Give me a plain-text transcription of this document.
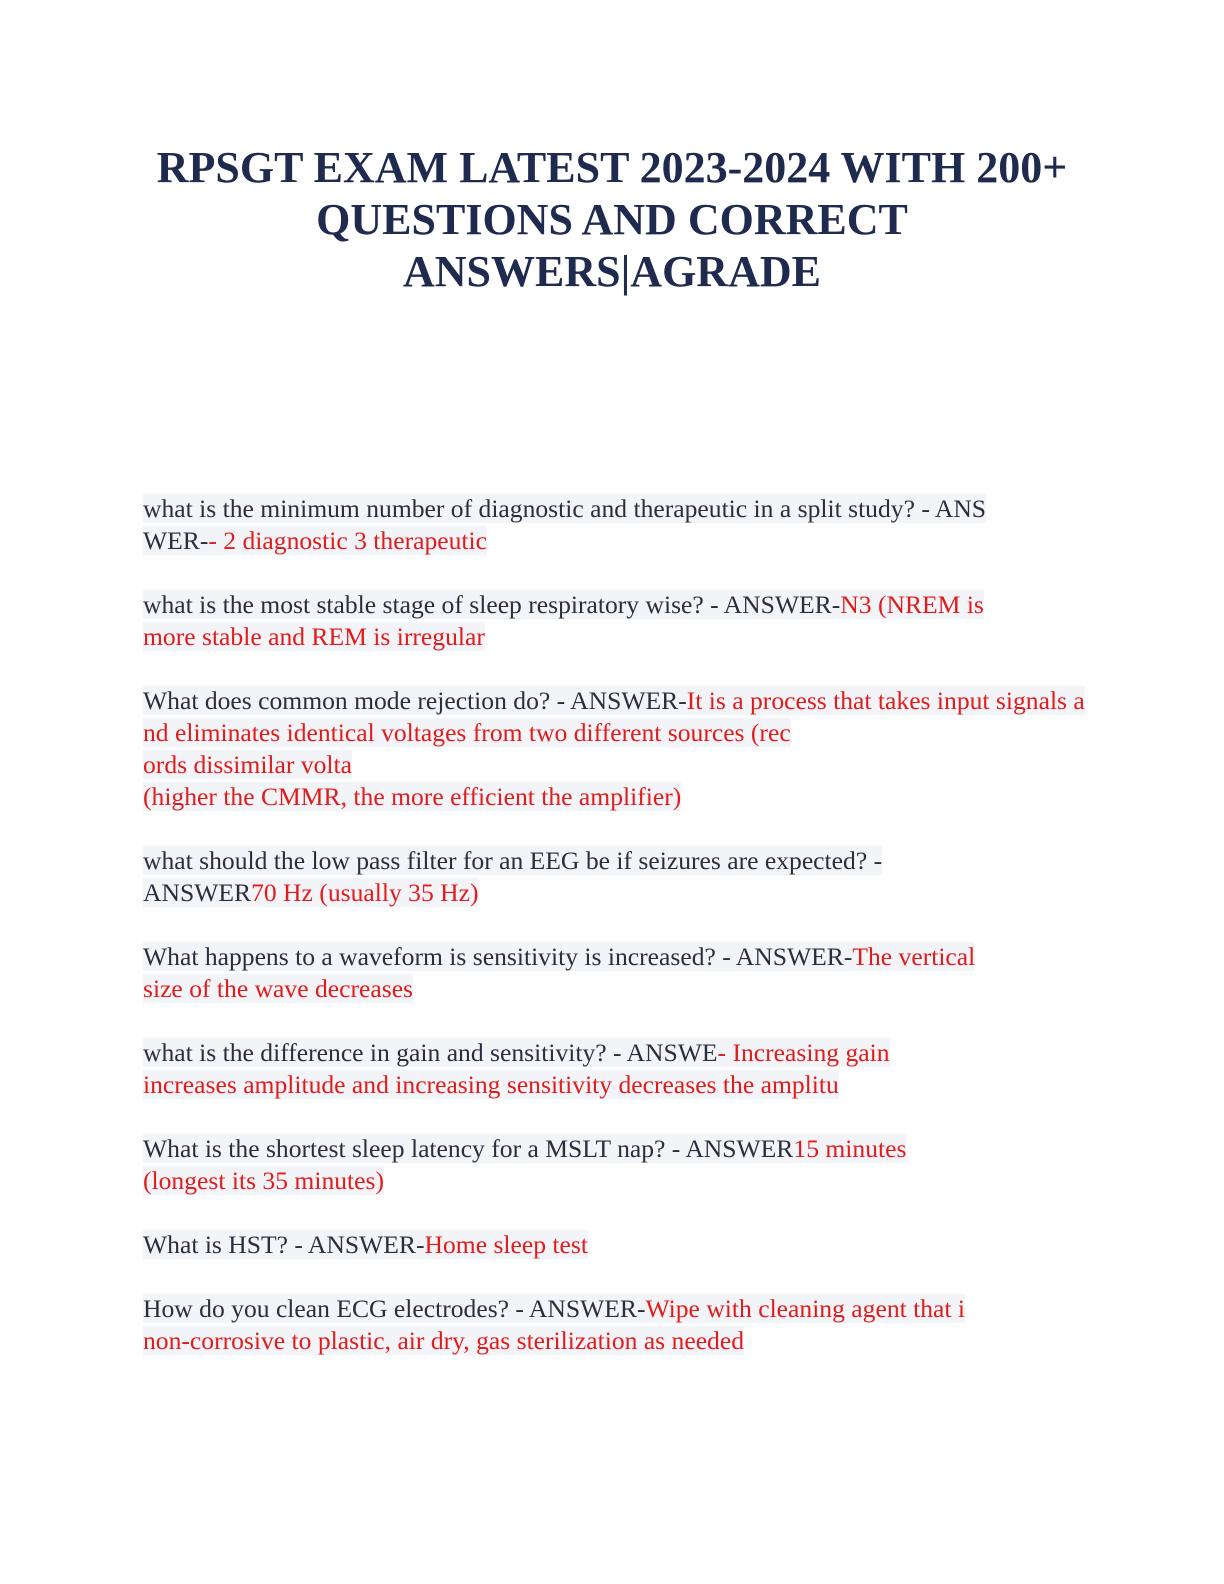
RPSGT EXAM LATEST 2023-2024 WITH 200+
QUESTIONS AND CORRECT
ANSWERS|AGRADE
what is the minimum number of diagnostic and therapeutic in a split study? - ANS
WER-- 2 diagnostic 3 therapeutic
what is the most stable stage of sleep respiratory wise? - ANSWER-N3 (NREM is
more stable and REM is irregular
What does common mode rejection do? - ANSWER-It is a process that takes input signals a
nd eliminates identical voltages from two different sources (rec
ords dissimilar volta
(higher the CMMR, the more efficient the amplifier)
what should the low pass filter for an EEG be if seizures are expected? -
ANSWER70 Hz (usually 35 Hz)
What happens to a waveform is sensitivity is increased? - ANSWER-The vertical
size of the wave decreases
what is the difference in gain and sensitivity? - ANSWE- Increasing gain
increases amplitude and increasing sensitivity decreases the amplitu
What is the shortest sleep latency for a MSLT nap? - ANSWER15 minutes
(longest its 35 minutes)
What is HST? - ANSWER-Home sleep test
How do you clean ECG electrodes? - ANSWER-Wipe with cleaning agent that i
non-corrosive to plastic, air dry, gas sterilization as needed
